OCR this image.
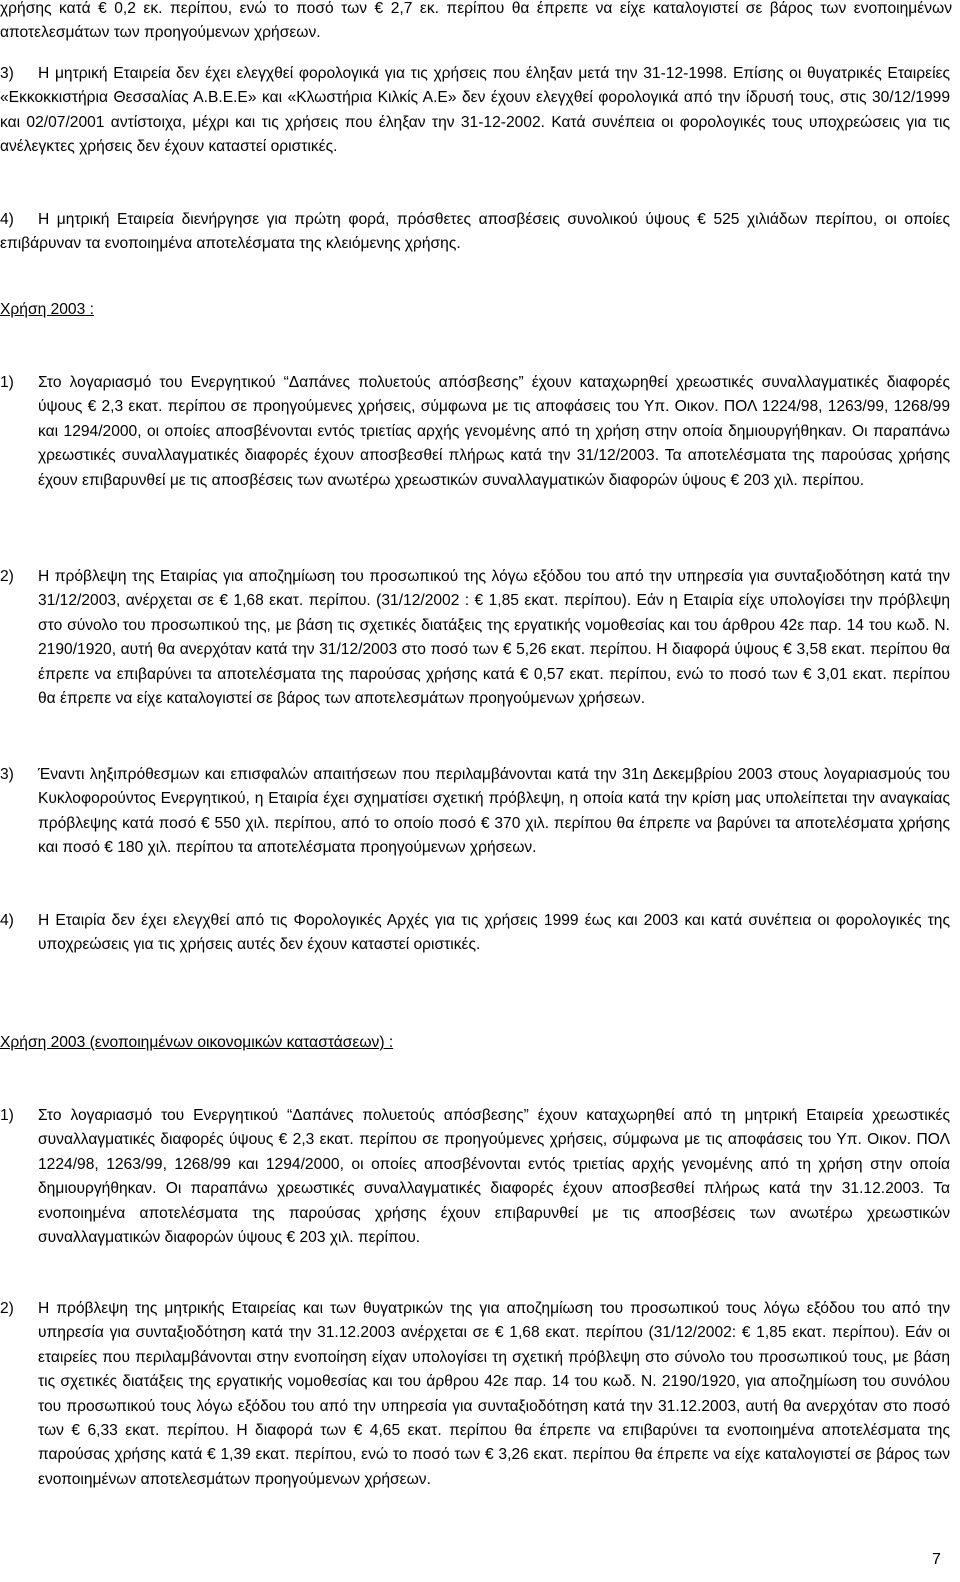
χρήσης κατά € 0,2 εκ. περίπου, ενώ το ποσό των € 2,7 εκ. περίπου θα έπρεπε να είχε καταλογιστεί σε βάρος των ενοποιημένων αποτελεσμάτων των προηγούμενων χρήσεων.
3)	Η μητρική Εταιρεία δεν έχει ελεγχθεί φορολογικά για τις χρήσεις που έληξαν μετά την 31-12-1998. Επίσης οι θυγατρικές Εταιρείες «Εκκοκκιστήρια Θεσσαλίας Α.Β.Ε.Ε» και «Κλωστήρια Κιλκίς Α.Ε» δεν έχουν ελεγχθεί φορολογικά από την ίδρυσή τους, στις 30/12/1999 και 02/07/2001 αντίστοιχα, μέχρι και τις χρήσεις που έληξαν την 31-12-2002. Κατά συνέπεια οι φορολογικές τους υποχρεώσεις για τις ανέλεγκτες χρήσεις δεν έχουν καταστεί οριστικές.
4)	Η μητρική Εταιρεία διενήργησε για πρώτη φορά, πρόσθετες αποσβέσεις συνολικού ύψους € 525 χιλιάδων περίπου, οι οποίες επιβάρυναν τα ενοποιημένα αποτελέσματα της κλειόμενης χρήσης.
Χρήση 2003 :
1) Στο λογαριασμό του Ενεργητικού “Δαπάνες πολυετούς απόσβεσης” έχουν καταχωρηθεί χρεωστικές συναλλαγματικές διαφορές ύψους € 2,3 εκατ. περίπου σε προηγούμενες χρήσεις, σύμφωνα με τις αποφάσεις του Υπ. Οικον. ΠΟΛ 1224/98, 1263/99, 1268/99 και 1294/2000, οι οποίες αποσβένονται εντός τριετίας αρχής γενομένης από τη χρήση στην οποία δημιουργήθηκαν. Οι παραπάνω χρεωστικές συναλλαγματικές διαφορές έχουν αποσβεσθεί πλήρως κατά την 31/12/2003. Τα αποτελέσματα της παρούσας χρήσης έχουν επιβαρυνθεί με τις αποσβέσεις των ανωτέρω χρεωστικών συναλλαγματικών διαφορών ύψους € 203 χιλ. περίπου.
2) Η πρόβλεψη της Εταιρίας για αποζημίωση του προσωπικού της λόγω εξόδου του από την υπηρεσία για συνταξιοδότηση κατά την 31/12/2003, ανέρχεται σε € 1,68 εκατ. περίπου. (31/12/2002 : € 1,85 εκατ. περίπου). Εάν η Εταιρία είχε υπολογίσει την πρόβλεψη στο σύνολο του προσωπικού της, με βάση τις σχετικές διατάξεις της εργατικής νομοθεσίας και του άρθρου 42ε παρ. 14 του κωδ. Ν. 2190/1920, αυτή θα ανερχόταν κατά την 31/12/2003 στο ποσό των € 5,26 εκατ. περίπου. Η διαφορά ύψους € 3,58 εκατ. περίπου θα έπρεπε να επιβαρύνει τα αποτελέσματα της παρούσας χρήσης κατά € 0,57 εκατ. περίπου, ενώ το ποσό των € 3,01 εκατ. περίπου θα έπρεπε να είχε καταλογιστεί σε βάρος των αποτελεσμάτων προηγούμενων χρήσεων.
3) Έναντι ληξιπρόθεσμων και επισφαλών απαιτήσεων που περιλαμβάνονται κατά την 31η Δεκεμβρίου 2003 στους λογαριασμούς του Κυκλοφορούντος Ενεργητικού, η Εταιρία έχει σχηματίσει σχετική πρόβλεψη, η οποία κατά την κρίση μας υπολείπεται την αναγκαίας πρόβλεψης κατά ποσό € 550 χιλ. περίπου, από το οποίο ποσό € 370 χιλ. περίπου θα έπρεπε να βαρύνει τα αποτελέσματα χρήσης και ποσό € 180 χιλ. περίπου τα αποτελέσματα προηγούμενων χρήσεων.
4) Η Εταιρία δεν έχει ελεγχθεί από τις Φορολογικές Αρχές για τις χρήσεις 1999 έως και 2003 και κατά συνέπεια οι φορολογικές της υποχρεώσεις για τις χρήσεις αυτές δεν έχουν καταστεί οριστικές.
Χρήση 2003 (ενοποιημένων οικονομικών καταστάσεων) :
1) Στο λογαριασμό του Ενεργητικού “Δαπάνες πολυετούς απόσβεσης” έχουν καταχωρηθεί από τη μητρική Εταιρεία χρεωστικές συναλλαγματικές διαφορές ύψους € 2,3 εκατ. περίπου σε προηγούμενες χρήσεις, σύμφωνα με τις αποφάσεις του Υπ. Οικον. ΠΟΛ 1224/98, 1263/99, 1268/99 και 1294/2000, οι οποίες αποσβένονται εντός τριετίας αρχής γενομένης από τη χρήση στην οποία δημιουργήθηκαν. Οι παραπάνω χρεωστικές συναλλαγματικές διαφορές έχουν αποσβεσθεί πλήρως κατά την 31.12.2003. Τα ενοποιημένα αποτελέσματα της παρούσας χρήσης έχουν επιβαρυνθεί με τις αποσβέσεις των ανωτέρω χρεωστικών συναλλαγματικών διαφορών ύψους € 203 χιλ. περίπου.
2) Η πρόβλεψη της μητρικής Εταιρείας και των θυγατρικών της για αποζημίωση του προσωπικού τους λόγω εξόδου του από την υπηρεσία για συνταξιοδότηση κατά την 31.12.2003 ανέρχεται σε € 1,68 εκατ. περίπου (31/12/2002: € 1,85 εκατ. περίπου). Εάν οι εταιρείες που περιλαμβάνονται στην ενοποίηση είχαν υπολογίσει τη σχετική πρόβλεψη στο σύνολο του προσωπικού τους, με βάση τις σχετικές διατάξεις της εργατικής νομοθεσίας και του άρθρου 42ε παρ. 14 του κωδ. Ν. 2190/1920, για αποζημίωση του συνόλου του προσωπικού τους λόγω εξόδου του από την υπηρεσία για συνταξιοδότηση κατά την 31.12.2003, αυτή θα ανερχόταν στο ποσό των € 6,33 εκατ. περίπου. Η διαφορά των € 4,65 εκατ. περίπου θα έπρεπε να επιβαρύνει τα ενοποιημένα αποτελέσματα της παρούσας χρήσης κατά € 1,39 εκατ. περίπου, ενώ το ποσό των € 3,26 εκατ. περίπου θα έπρεπε να είχε καταλογιστεί σε βάρος των ενοποιημένων αποτελεσμάτων προηγούμενων χρήσεων.
7
